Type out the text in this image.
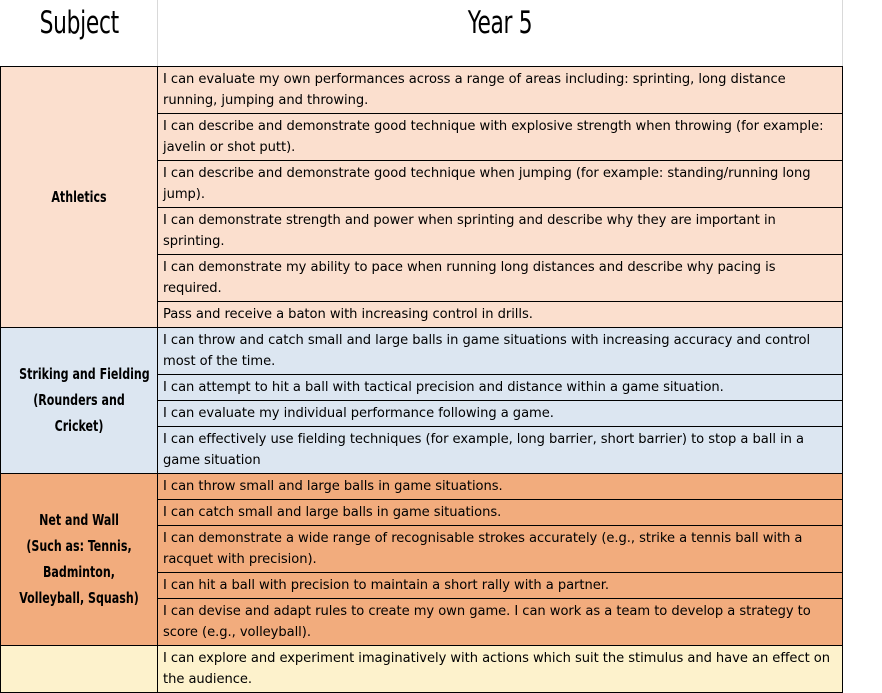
Subject	Year 5

Athletics	I can evaluate my own performances across a range of areas including: sprinting, long distance running, jumping and throwing.
	I can describe and demonstrate good technique with explosive strength when throwing (for example: javelin or shot putt).
	I can describe and demonstrate good technique when jumping (for example: standing/running long jump).
	I can demonstrate strength and power when sprinting and describe why they are important in sprinting.
	I can demonstrate my ability to pace when running long distances and describe why pacing is required.
	Pass and receive a baton with increasing control in drills.

Striking and Fielding
(Rounders and
Cricket)	I can throw and catch small and large balls in game situations with increasing accuracy and control most of the time.
	I can attempt to hit a ball with tactical precision and distance within a game situation.
	I can evaluate my individual performance following a game.
	I can effectively use fielding techniques (for example, long barrier, short barrier) to stop a ball in a game situation

Net and Wall
(Such as: Tennis,
Badminton,
Volleyball, Squash)	I can throw small and large balls in game situations.
	I can catch small and large balls in game situations.
	I can demonstrate a wide range of recognisable strokes accurately (e.g., strike a tennis ball with a racquet with precision).
	I can hit a ball with precision to maintain a short rally with a partner.
	I can devise and adapt rules to create my own game. I can work as a team to develop a strategy to score (e.g., volleyball).

	I can explore and experiment imaginatively with actions which suit the stimulus and have an effect on the audience.
